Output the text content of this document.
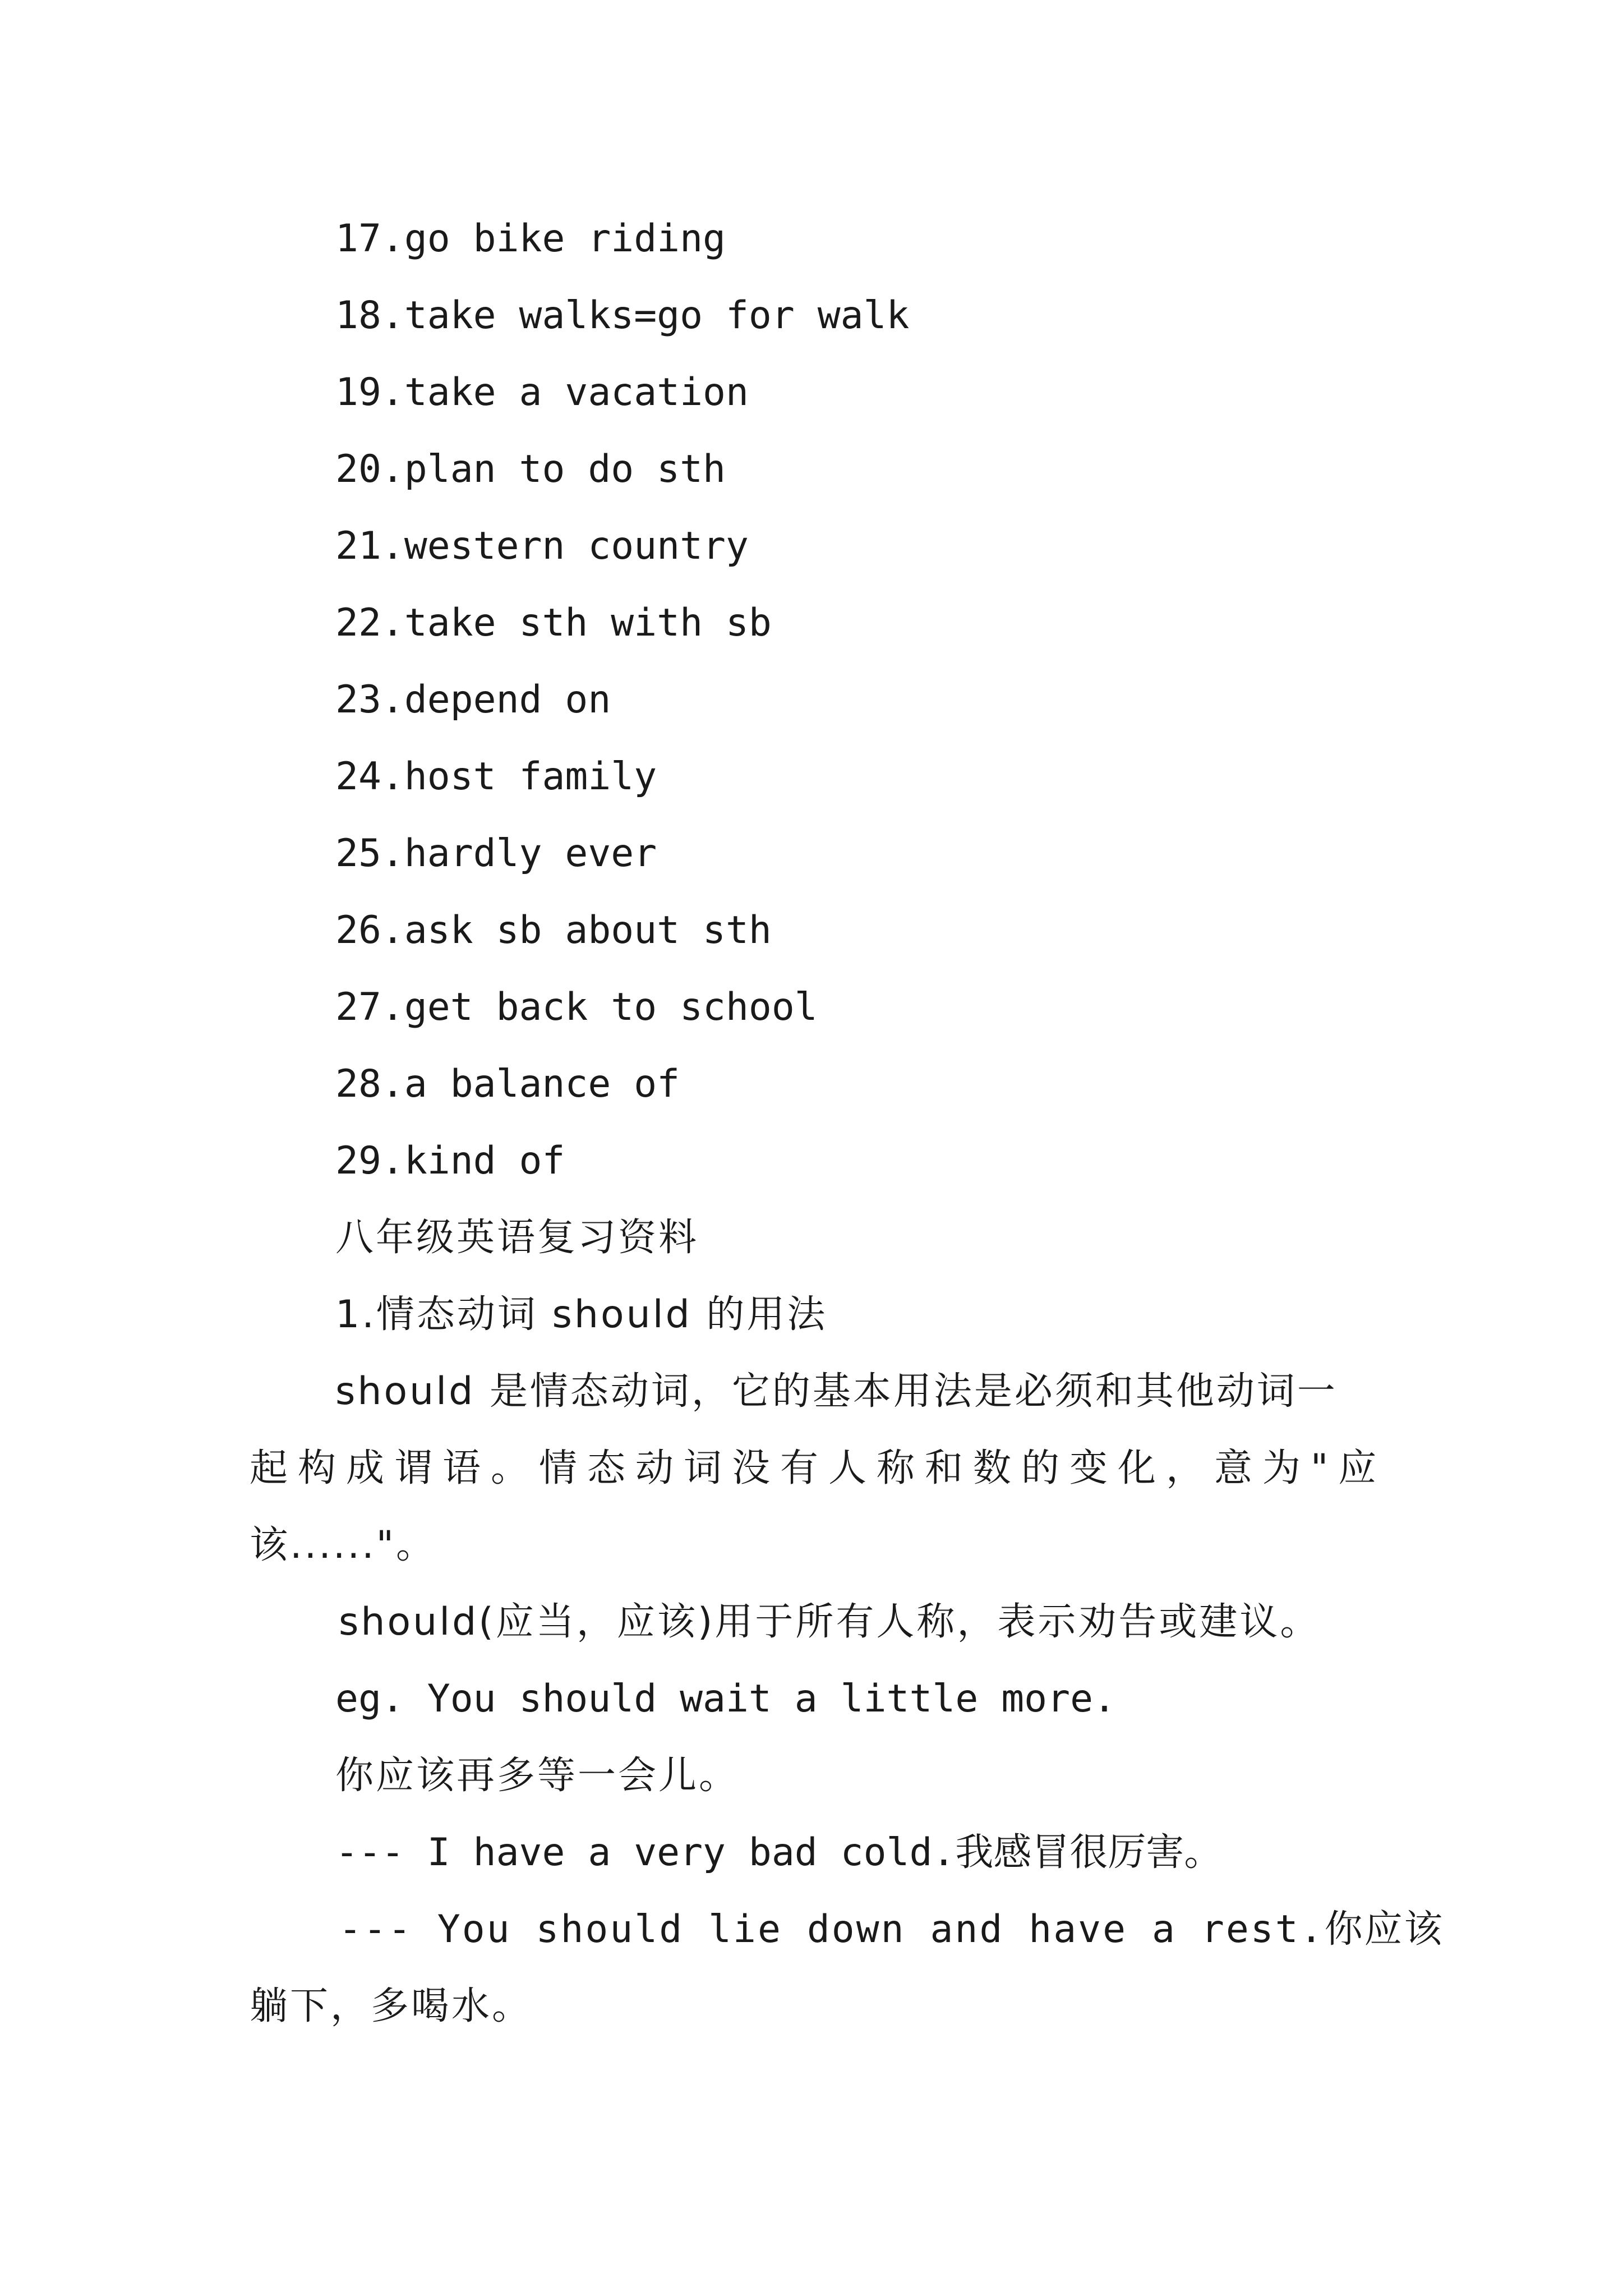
17.go bike riding
18.take walks=go for walk
19.take a vacation
20.plan to do sth
21.western country
22.take sth with sb
23.depend on
24.host family
25.hardly ever
26.ask sb about sth
27.get back to school
28.a balance of
29.kind of
八年级英语复习资料
1.情态动词 should 的用法
should 是情态动词，它的基本用法是必须和其他动词一
起构成谓语。情态动词没有人称和数的变化，意为"应
该......"。
should(应当，应该)用于所有人称，表示劝告或建议。
eg. You should wait a little more.
你应该再多等一会儿。
--- I have a very bad cold.我感冒很厉害。
--- You should lie down and have a rest.你应该
躺下，多喝水。
